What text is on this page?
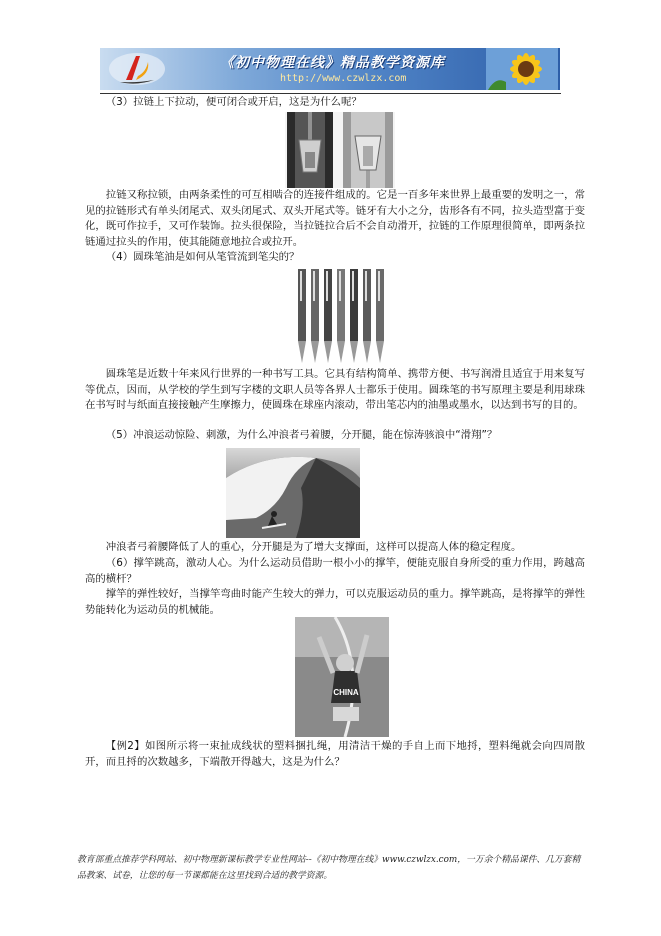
《初中物理在线》精品教学资源库
http://www.czwlzx.com

（3）拉链上下拉动，便可闭合或开启，这是为什么呢？

拉链又称拉锁，由两条柔性的可互相啮合的连接件组成的。它是一百多年来世界上最重要的发明之一，常见的拉链形式有单头闭尾式、双头闭尾式、双头开尾式等。链牙有大小之分，齿形各有不同，拉头造型富于变化，既可作拉手，又可作装饰。拉头很保险，当拉链拉合后不会自动滑开，拉链的工作原理很简单，即两条拉链通过拉头的作用，使其能随意地拉合或拉开。

（4）圆珠笔油是如何从笔管流到笔尖的？

圆珠笔是近数十年来风行世界的一种书写工具。它具有结构简单、携带方便、书写润滑且适宜于用来复写等优点，因而，从学校的学生到写字楼的文职人员等各界人士都乐于使用。圆珠笔的书写原理主要是利用球珠在书写时与纸面直接接触产生摩擦力，使圆珠在球座内滚动，带出笔芯内的油墨或墨水，以达到书写的目的。

（5）冲浪运动惊险、刺激，为什么冲浪者弓着腰，分开腿，能在惊涛骇浪中“滑翔”？

冲浪者弓着腰降低了人的重心，分开腿是为了增大支撑面，这样可以提高人体的稳定程度。

（6）撑竿跳高，激动人心。为什么运动员借助一根小小的撑竿，便能克服自身所受的重力作用，跨越高高的横杆？

撑竿的弹性较好，当撑竿弯曲时能产生较大的弹力，可以克服运动员的重力。撑竿跳高，是将撑竿的弹性势能转化为运动员的机械能。

CHINA

【例2】如图所示将一束扯成线状的塑料捆扎绳，用清洁干燥的手自上而下地捋，塑料绳就会向四周散开，而且捋的次数越多，下端散开得越大，这是为什么？

教育部重点推荐学科网站、初中物理新课标教学专业性网站--《初中物理在线》www.czwlzx.com，一万余个精品课件、几万套精品教案、试卷，让您的每一节课都能在这里找到合适的教学资源。
